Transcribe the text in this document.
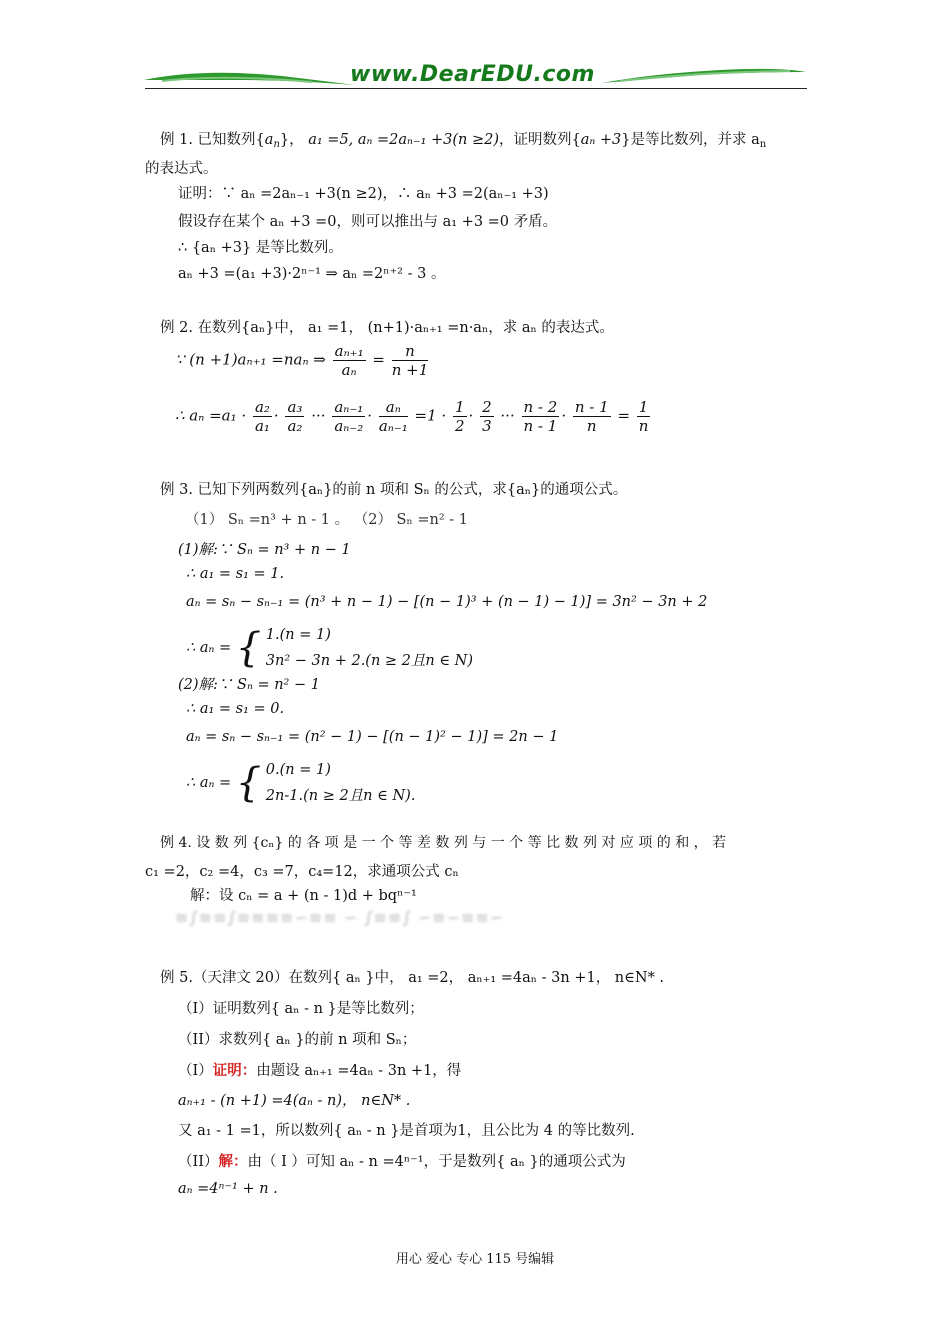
www.DearEDU.com
例 1. 已知数列$\{a_n\}$， a₁ =5, aₙ =2aₙ₋₁ +3(n ≥2)，证明数列{aₙ +3}是等比数列，并求 $a_n$
的表达式。
证明：∵ aₙ =2aₙ₋₁ +3(n ≥2)，∴ aₙ +3 =2(aₙ₋₁ +3)
假设存在某个 aₙ +3 =0，则可以推出与 a₁ +3 =0 矛盾。
∴ {aₙ +3} 是等比数列。
aₙ +3 =(a₁ +3)·2ⁿ⁻¹ ⇒ aₙ =2ⁿ⁺² - 3 。
例 2. 在数列{aₙ}中， a₁ =1， (n+1)·aₙ₊₁ =n·aₙ，求 aₙ 的表达式。
∵ (n +1)aₙ₊₁ =naₙ ⇒ $\frac{\text{aₙ₊₁}}{\text{aₙ}} = \frac{n}{n +1}$
∴ $a_n =a_1 \cdot \frac{\text{a₂}}{\text{a₁}} \cdot \frac{\text{a₃}}{\text{a₂}}$ ··· $\frac{\text{aₙ₋₁}}{\text{aₙ₋₂}} \cdot \frac{\text{aₙ}}{\text{aₙ₋₁}} =1 \cdot \frac{1}{2} \cdot \frac{2}{3}$ ··· $\frac{n - 2}{n - 1} \cdot \frac{n - 1}{n} = \frac{1}{n}$
例 3. 已知下列两数列{aₙ}的前 n 项和 Sₙ 的公式，求{aₙ}的通项公式。
（1） Sₙ =n³ + n - 1 。 （2） Sₙ =n² - 1
(1)解:∵ Sₙ = n³ + n − 1
∴ a₁ = s₁ = 1.
aₙ = sₙ − sₙ₋₁ = (n³ + n − 1) − [(n − 1)³ + (n − 1) − 1)] = 3n² − 3n + 2
∴ aₙ = { 1.(n = 1)
3n² − 3n + 2.(n ≥ 2且n ∈ N)
(2)解:∵ Sₙ = n² − 1
∴ a₁ = s₁ = 0.
aₙ = sₙ − sₙ₋₁ = (n² − 1) − [(n − 1)² − 1)] = 2n − 1
∴ aₙ = { 0.(n = 1)
2n-1.(n ≥ 2且n ∈ N).
例 4. 设 数 列 {cₙ} 的 各 项 是 一 个 等 差 数 列 与 一 个 等 比 数 列 对 应 项 的 和 ， 若
c₁ =2，c₂ =4，c₃ =7，c₄=12，求通项公式 cₙ
解：设 cₙ = a + (n - 1)d + bqⁿ⁻¹
≡∫≡≡∫≡≡≡≡∽≡≡ ∽ ∫≡≡∫ ∽≡∽≡≡∽
例 5.（天津文 20）在数列{ aₙ }中， a₁ =2， aₙ₊₁ =4aₙ - 3n +1， n∈N* .
（I）证明数列{ aₙ - n }是等比数列；
（II）求数列{ aₙ }的前 n 项和 Sₙ；
（I）证明：由题设 aₙ₊₁ =4aₙ - 3n +1，得
aₙ₊₁ - (n +1) =4(aₙ - n)， n∈N* .
又 a₁ - 1 =1，所以数列{ aₙ - n }是首项为1，且公比为 4 的等比数列.
（II）解：由（ I ）可知 aₙ - n =4ⁿ⁻¹，于是数列{ aₙ }的通项公式为
aₙ =4ⁿ⁻¹ + n .
用心 爱心 专心 115 号编辑
